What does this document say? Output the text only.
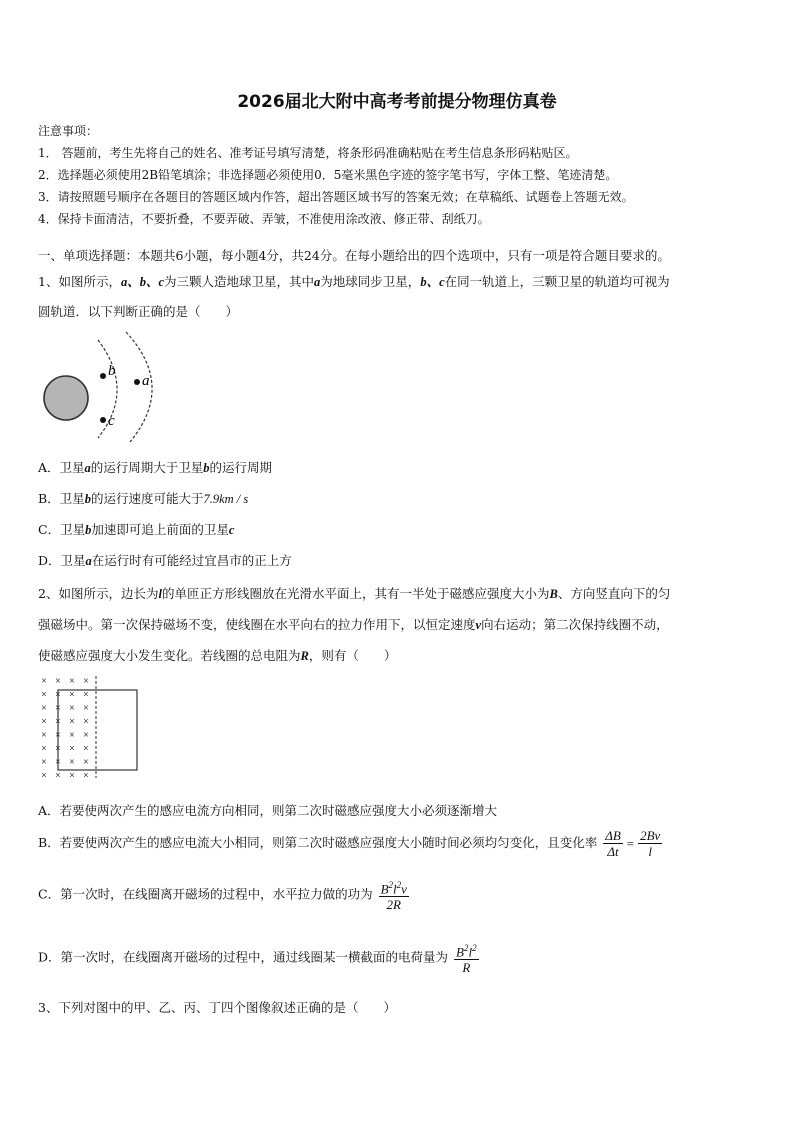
2026届北大附中高考考前提分物理仿真卷
注意事项：
1． 答题前，考生先将自己的姓名、准考证号填写清楚，将条形码准确粘贴在考生信息条形码粘贴区。
2．选择题必须使用2B铅笔填涂；非选择题必须使用0．5毫米黑色字迹的签字笔书写，字体工整、笔迹清楚。
3．请按照题号顺序在各题目的答题区域内作答，超出答题区域书写的答案无效；在草稿纸、试题卷上答题无效。
4．保持卡面清洁，不要折叠，不要弄破、弄皱，不准使用涂改液、修正带、刮纸刀。
一、单项选择题：本题共6小题，每小题4分，共24分。在每小题给出的四个选项中，只有一项是符合题目要求的。
1、如图所示，a、b、c为三颗人造地球卫星，其中a为地球同步卫星，b、c在同一轨道上，三颗卫星的轨道均可视为
圆轨道．以下判断正确的是（　　）
b
c
a
A．卫星a的运行周期大于卫星b的运行周期
B．卫星b的运行速度可能大于7.9km / s
C．卫星b加速即可追上前面的卫星c
D．卫星a在运行时有可能经过宜昌市的正上方
2、如图所示，边长为l的单匝正方形线圈放在光滑水平面上，其有一半处于磁感应强度大小为B、方向竖直向下的匀
强磁场中。第一次保持磁场不变，使线圈在水平向右的拉力作用下，以恒定速度v向右运动；第二次保持线圈不动，
使磁感应强度大小发生变化。若线圈的总电阻为R，则有（　　）
× × × ×
× × × ×
× × × ×
× × × ×
× × × ×
× × × ×
× × × ×
× × × ×
A．若要使两次产生的感应电流方向相同，则第二次时磁感应强度大小必须逐渐增大
B．若要使两次产生的感应电流大小相同，则第二次时磁感应强度大小随时间必须均匀变化，且变化率 $\frac{\Delta B}{\Delta t} = \frac{2Bv}{l}$
C．第一次时，在线圈离开磁场的过程中，水平拉力做的功为 $\frac{B^2l^2v}{2R}$
D．第一次时，在线圈离开磁场的过程中，通过线圈某一横截面的电荷量为 $\frac{B^2l^2}{R}$
3、下列对图中的甲、乙、丙、丁四个图像叙述正确的是（　　）
